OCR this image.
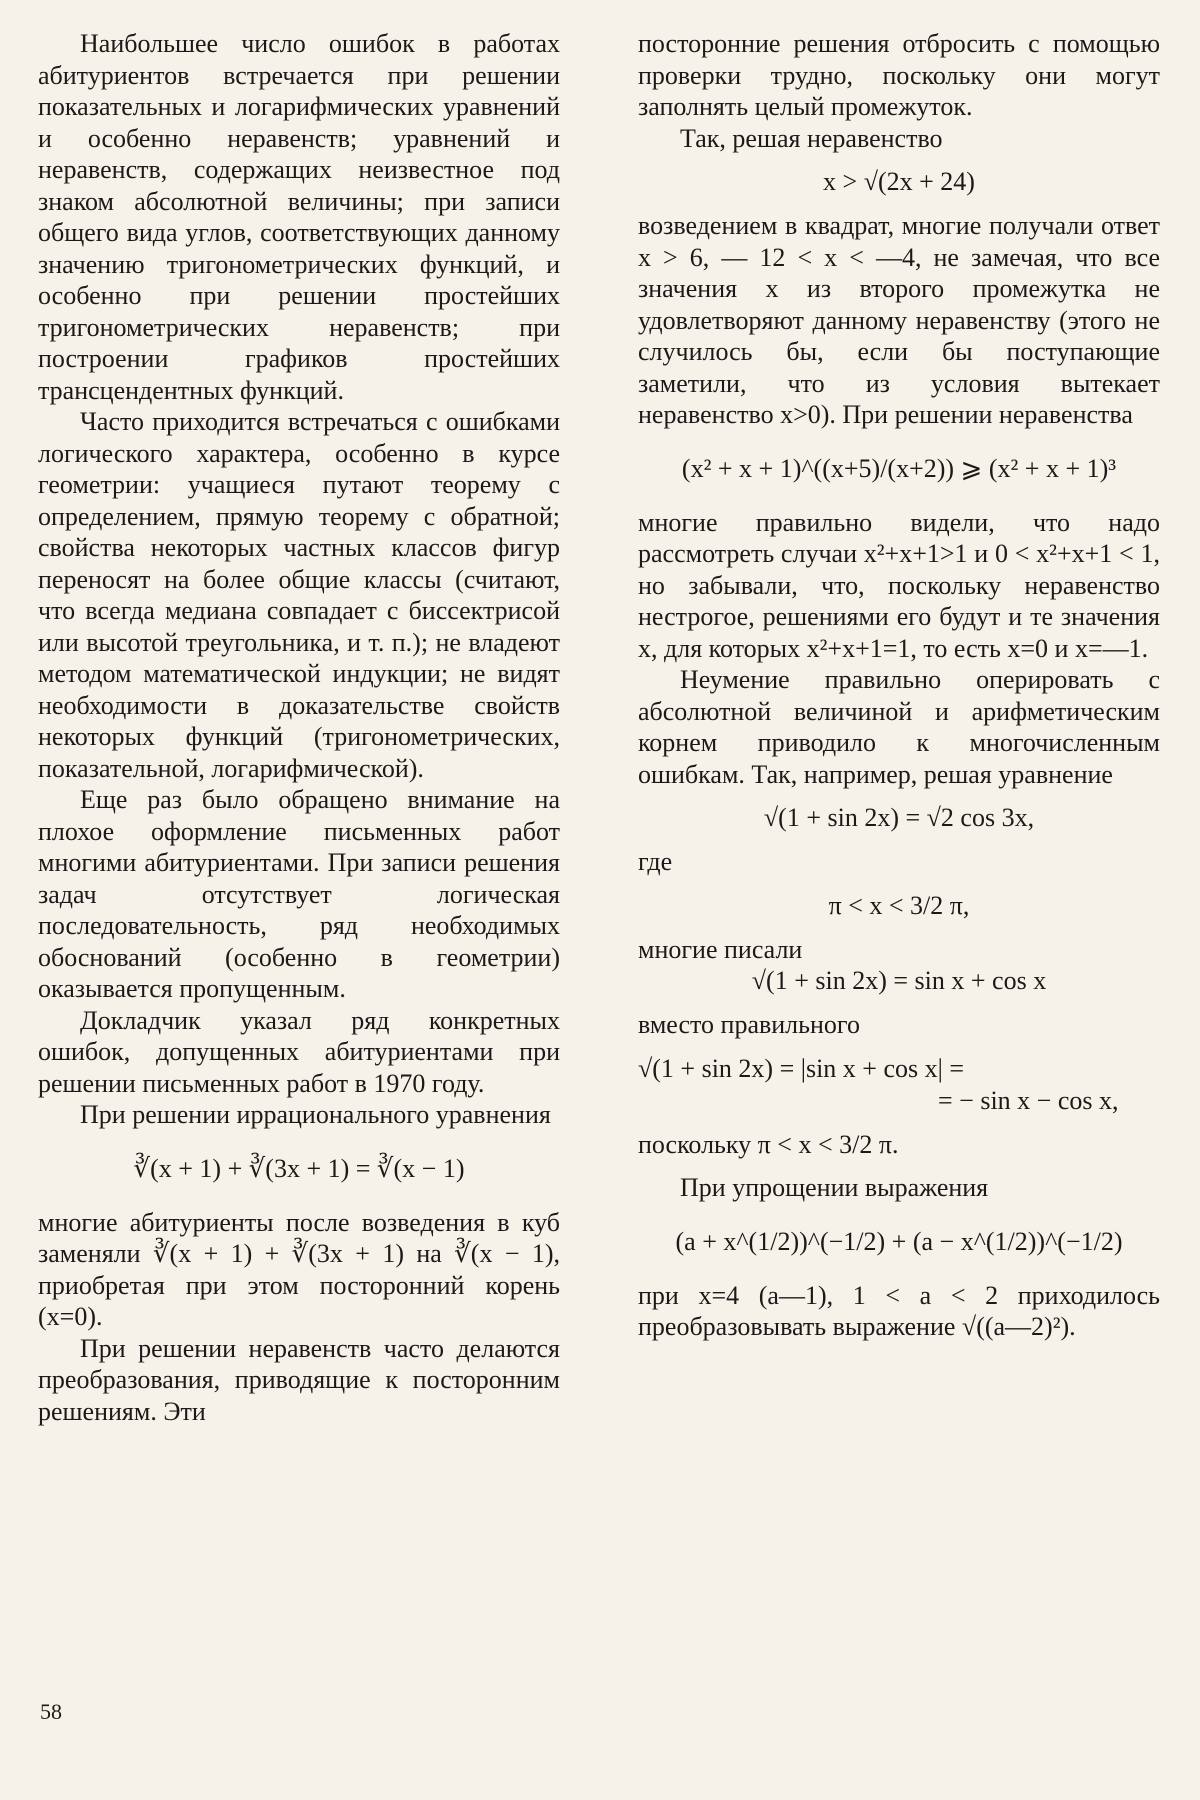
Наибольшее число ошибок в работах абитуриентов встречается при решении показательных и логарифмических уравнений и особенно неравенств; уравнений и неравенств, содержащих неизвестное под знаком абсолютной величины; при записи общего вида углов, соответствующих данному значению тригонометрических функций, и особенно при решении простейших тригонометрических неравенств; при построении графиков простейших трансцендентных функций.

Часто приходится встречаться с ошибками логического характера, особенно в курсе геометрии: учащиеся путают теорему с определением, прямую теорему с обратной; свойства некоторых частных классов фигур переносят на более общие классы (считают, что всегда медиана совпадает с биссектрисой или высотой треугольника, и т. п.); не владеют методом математической индукции; не видят необходимости в доказательстве свойств некоторых функций (тригонометрических, показательной, логарифмической).

Еще раз было обращено внимание на плохое оформление письменных работ многими абитуриентами. При записи решения задач отсутствует логическая последовательность, ряд необходимых обоснований (особенно в геометрии) оказывается пропущенным.

Докладчик указал ряд конкретных ошибок, допущенных абитуриентами при решении письменных работ в 1970 году.

При решении иррационального уравнения

∛(x + 1) + ∛(3x + 1) = ∛(x − 1)

многие абитуриенты после возведения в куб заменяли ∛(x + 1) + ∛(3x + 1) на ∛(x − 1), приобретая при этом посторонний корень (x=0).

При решении неравенств часто делаются преобразования, приводящие к посторонним решениям. Эти

посторонние решения отбросить с помощью проверки трудно, поскольку они могут заполнять целый промежуток.

Так, решая неравенство

x > √(2x + 24)

возведением в квадрат, многие получали ответ x > 6, — 12 < x < —4, не замечая, что все значения x из второго промежутка не удовлетворяют данному неравенству (этого не случилось бы, если бы поступающие заметили, что из условия вытекает неравенство x>0). При решении неравенства

(x² + x + 1)^((x+5)/(x+2)) ⩾ (x² + x + 1)³

многие правильно видели, что надо рассмотреть случаи x²+x+1>1 и 0 < x²+x+1 < 1, но забывали, что, поскольку неравенство нестрогое, решениями его будут и те значения x, для которых x²+x+1=1, то есть x=0 и x=—1.

Неумение правильно оперировать с абсолютной величиной и арифметическим корнем приводило к многочисленным ошибкам. Так, например, решая уравнение

√(1 + sin 2x) = √2 cos 3x,

где

π < x < 3/2 π,

многие писали

√(1 + sin 2x) = sin x + cos x

вместо правильного

√(1 + sin 2x) = |sin x + cos x| =
= − sin x − cos x,

поскольку π < x < 3/2 π.

При упрощении выражения

(a + x^(1/2))^(−1/2) + (a − x^(1/2))^(−1/2)

при x=4 (a—1), 1 < a < 2 приходилось преобразовывать выражение √((a—2)²).

58
